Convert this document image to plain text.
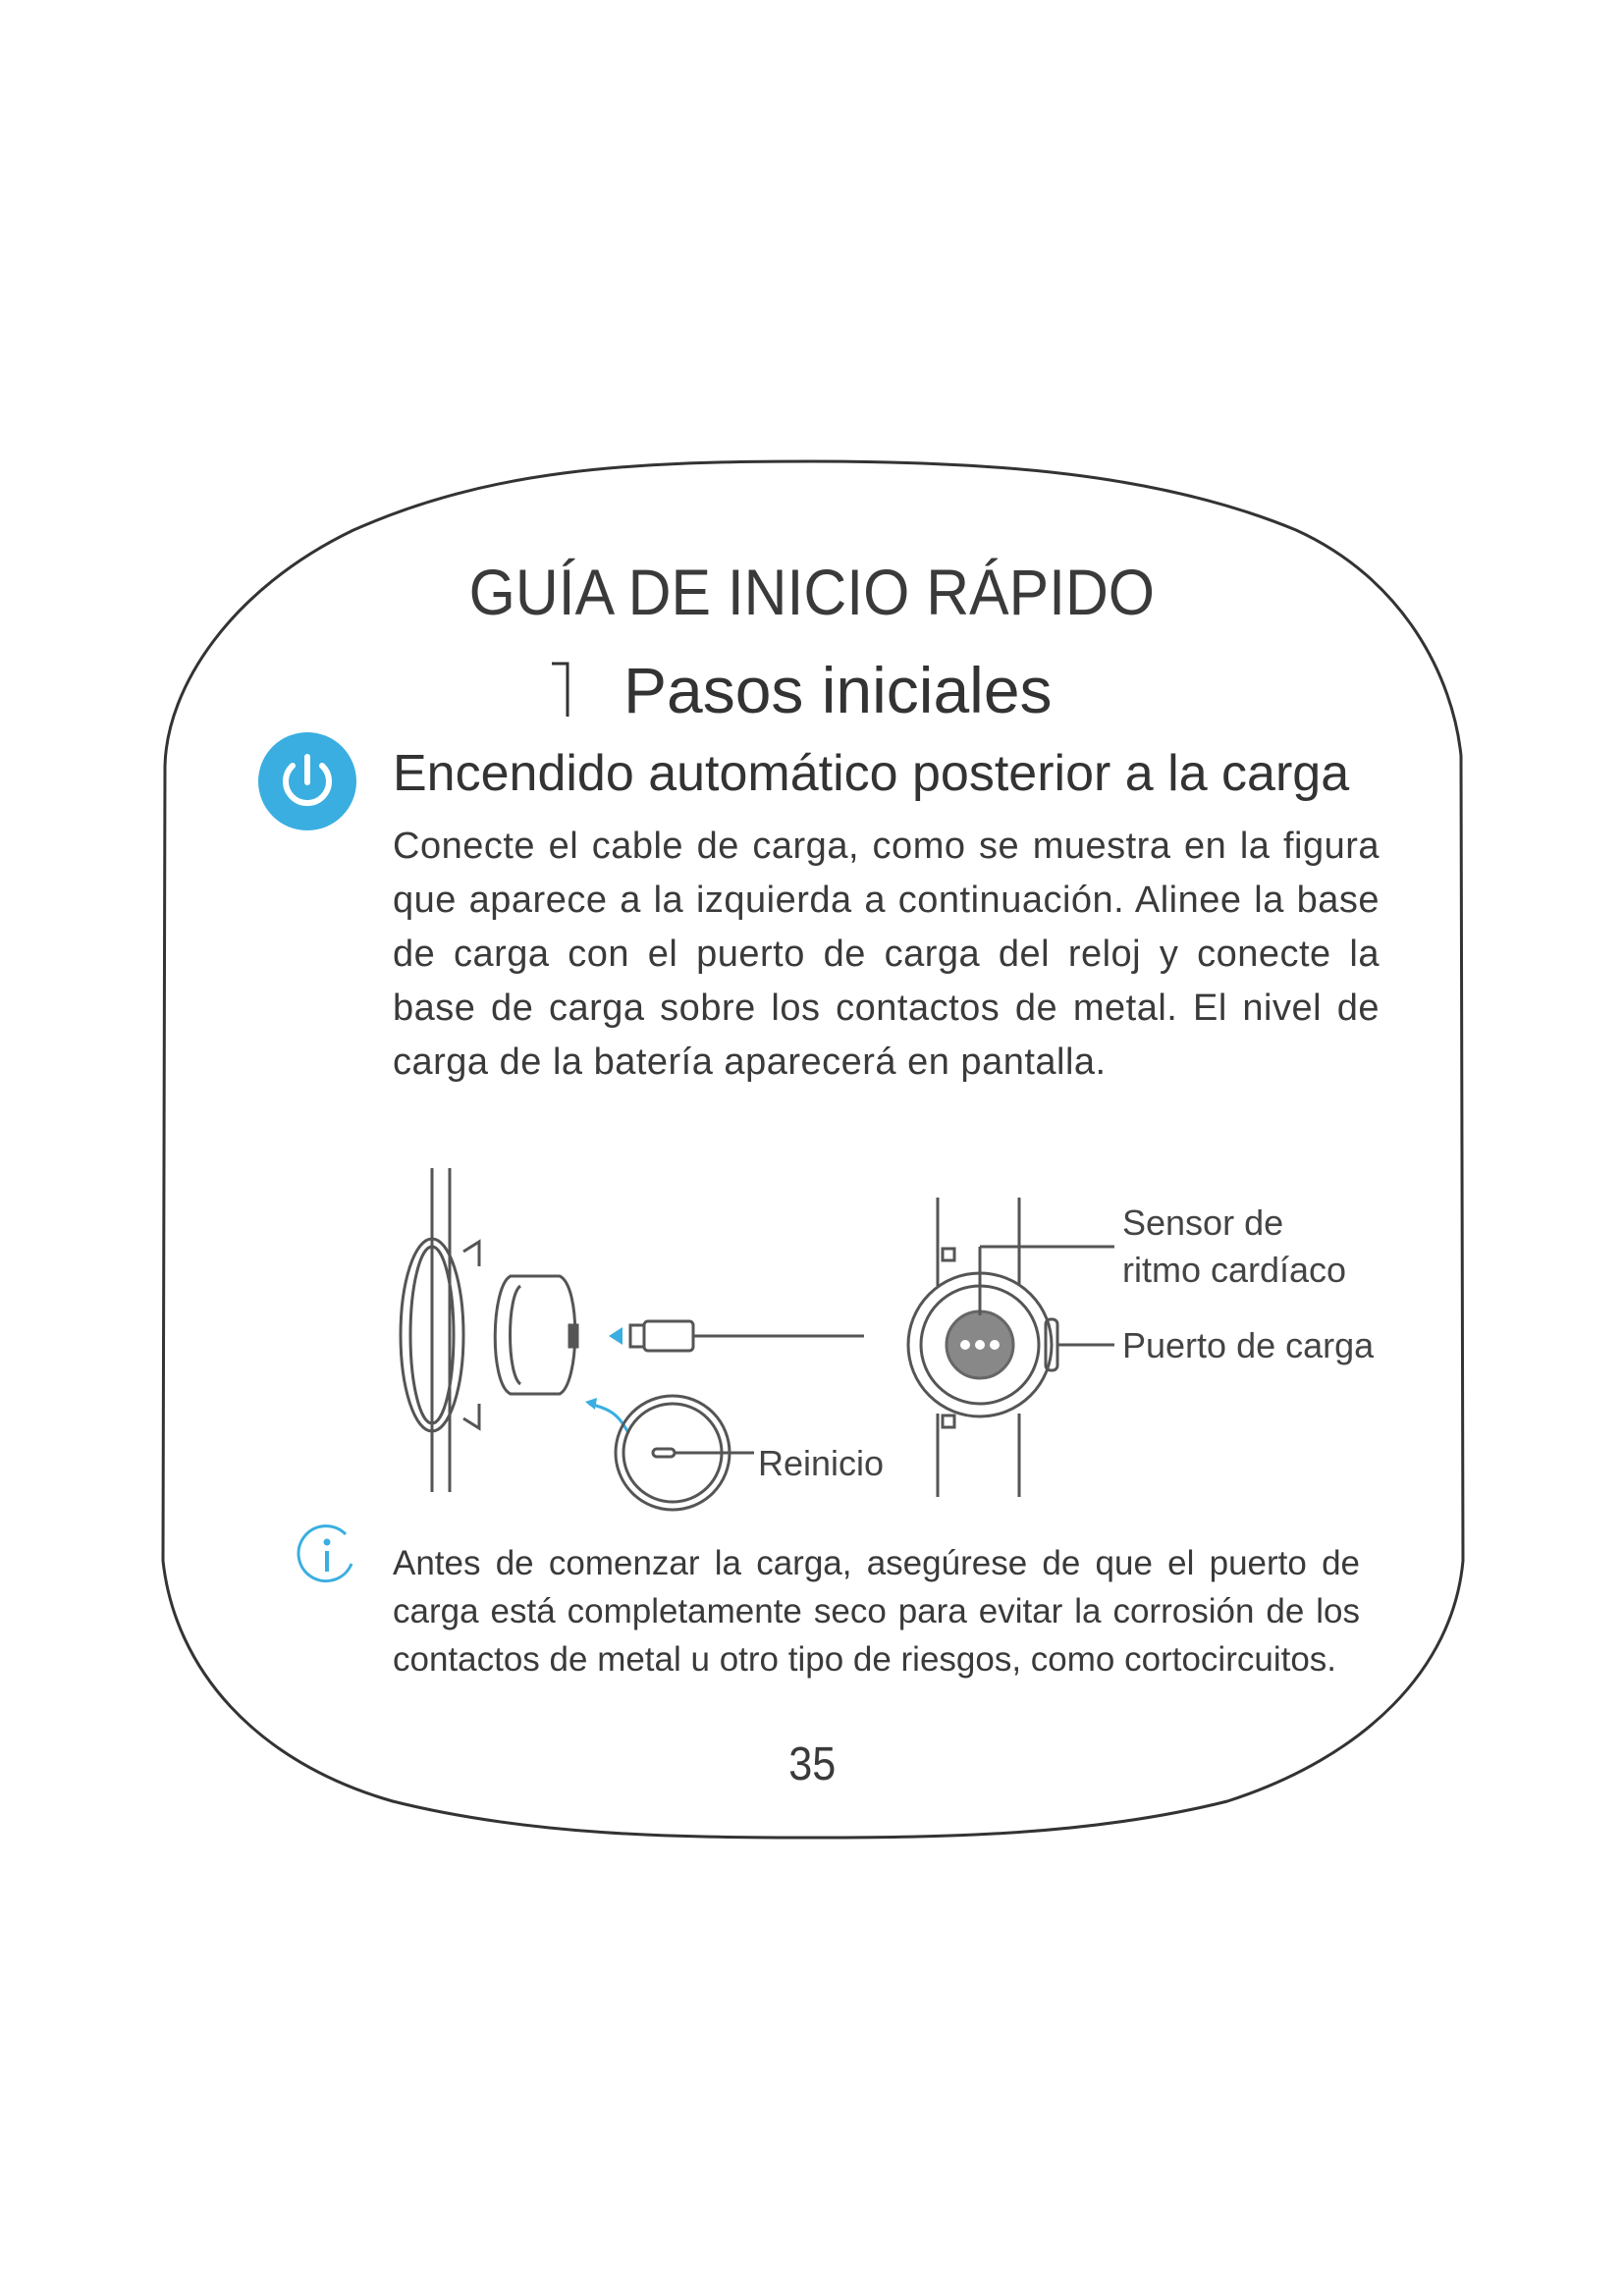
GUÍA DE INICIO RÁPIDO
Pasos iniciales
Encendido automático posterior a la carga
Conecte el cable de carga, como se muestra en la figura que aparece a la izquierda a continuación. Alinee la base de carga con el puerto de carga del reloj y conecte la base de carga sobre los contactos de metal. El nivel de carga de la batería aparecerá en pantalla.
Sensor de
ritmo cardíaco
Puerto de carga
Reinicio
Antes de comenzar la carga, asegúrese de que el puerto de carga está completamente seco para evitar la corrosión de los contactos de metal u otro tipo de riesgos, como cortocircuitos.
35
